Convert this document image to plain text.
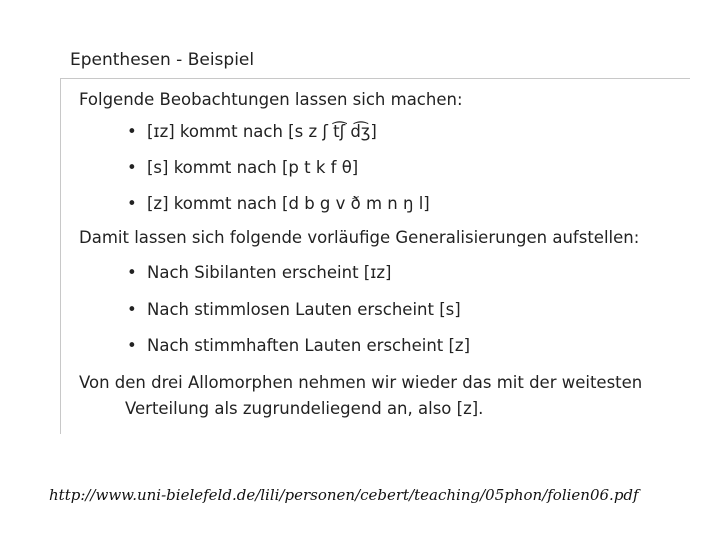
Epenthesen - Beispiel

Folgende Beobachtungen lassen sich machen:

• [ɪz] kommt nach [s z ʃ t͡ʃ d͡ʒ]
• [s] kommt nach [p t k f θ]
• [z] kommt nach [d b g v ð m n ŋ l]

Damit lassen sich folgende vorläufige Generalisierungen aufstellen:

• Nach Sibilanten erscheint [ɪz]
• Nach stimmlosen Lauten erscheint [s]
• Nach stimmhaften Lauten erscheint [z]

Von den drei Allomorphen nehmen wir wieder das mit der weitesten Verteilung als zugrundeliegend an, also [z].

http://www.uni-bielefeld.de/lili/personen/cebert/teaching/05phon/folien06.pdf
